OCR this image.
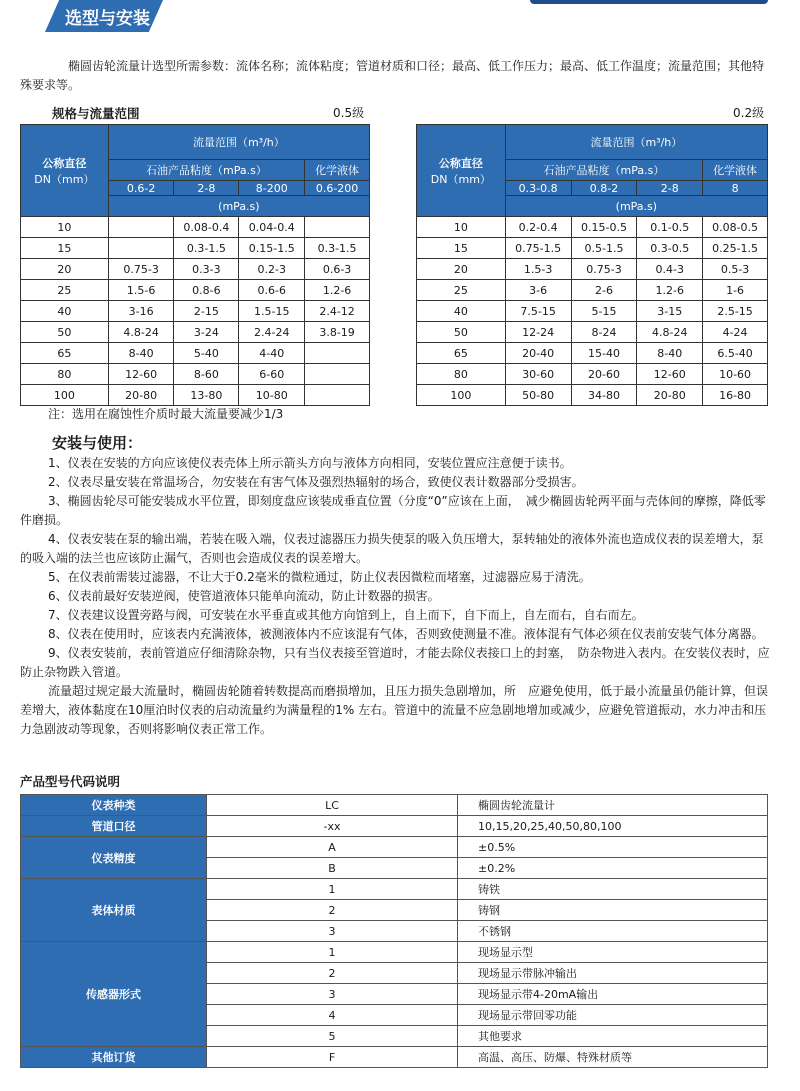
选型与安装
椭圆齿轮流量计选型所需参数：流体名称；流体粘度；管道材质和口径；最高、低工作压力；最高、低工作温度；流量范围；其他特殊要求等。
规格与流量范围	0.5级	0.2级
公称直径
DN（mm）	流量范围（m³/h）			
	石油产品粘度（mPa.s）			化学液体
	0.6-2	2-8	8-200	0.6-200
	(mPa.s)			
10		0.08-0.4	0.04-0.4	
15		0.3-1.5	0.15-1.5	0.3-1.5
20	0.75-3	0.3-3	0.2-3	0.6-3
25	1.5-6	0.8-6	0.6-6	1.2-6
40	3-16	2-15	1.5-15	2.4-12
50	4.8-24	3-24	2.4-24	3.8-19
65	8-40	5-40	4-40	
80	12-60	8-60	6-60	
100	20-80	13-80	10-80	
公称直径
DN（mm）	流量范围（m³/h）			
	石油产品粘度（mPa.s）			化学液体
	0.3-0.8	0.8-2	2-8	8
	(mPa.s)			
10	0.2-0.4	0.15-0.5	0.1-0.5	0.08-0.5
15	0.75-1.5	0.5-1.5	0.3-0.5	0.25-1.5
20	1.5-3	0.75-3	0.4-3	0.5-3
25	3-6	2-6	1.2-6	1-6
40	7.5-15	5-15	3-15	2.5-15
50	12-24	8-24	4.8-24	4-24
65	20-40	15-40	8-40	6.5-40
80	30-60	20-60	12-60	10-60
100	50-80	34-80	20-80	16-80
注：选用在腐蚀性介质时最大流量要减少1/3
安装与使用：
1、仪表在安装的方向应该使仪表壳体上所示箭头方向与液体方向相同，安装位置应注意便于读书。
2、仪表尽量安装在常温场合，勿安装在有害气体及强烈热辐射的场合，致使仪表计数器部分受损害。
3、椭圆齿轮尽可能安装成水平位置，即刻度盘应该装成垂直位置（分度“0”应该在上面，　减少椭圆齿轮两平面与壳体间的摩擦，降低零件磨损。
4、仪表安装在泵的输出端，若装在吸入端，仪表过滤器压力损失使泵的吸入负压增大，泵转轴处的液体外流也造成仪表的误差增大，泵的吸入端的法兰也应该防止漏气，否则也会造成仪表的误差增大。
5、在仪表前需装过滤器，不让大于0.2毫米的微粒通过，防止仪表因微粒而堵塞，过滤器应易于清洗。
6、仪表前最好安装逆阀，使管道液体只能单向流动，防止计数器的损害。
7、仪表建议设置旁路与阀，可安装在水平垂直或其他方向馆到上，自上而下，自下而上，自左而右，自右而左。
8、仪表在使用时，应该表内充满液体，被测液体内不应该混有气体，否则致使测量不准。液体混有气体必须在仪表前安装气体分离器。
9、仪表安装前，表前管道应仔细清除杂物，只有当仪表接至管道时，才能去除仪表接口上的封塞，　防杂物进入表内。在安装仪表时，应防止杂物跌入管道。
流量超过规定最大流量时，椭圆齿轮随着转数提高而磨损增加，且压力损失急剧增加，所　应避免使用，低于最小流量虽仍能计算，但误差增大，液体黏度在10厘泊时仪表的启动流量约为满量程的1% 左右。管道中的流量不应急剧地增加或减少，应避免管道振动，水力冲击和压力急剧波动等现象，否则将影响仪表正常工作。
产品型号代码说明
仪表种类	LC	椭圆齿轮流量计
管道口径	-xx	10,15,20,25,40,50,80,100
仪表精度	A	±0.5%
	B	±0.2%
表体材质	1	铸铁
	2	铸钢
	3	不锈钢
传感器形式	1	现场显示型
	2	现场显示带脉冲输出
	3	现场显示带4-20mA输出
	4	现场显示带回零功能
	5	其他要求
其他订货	F	高温、高压、防爆、特殊材质等
